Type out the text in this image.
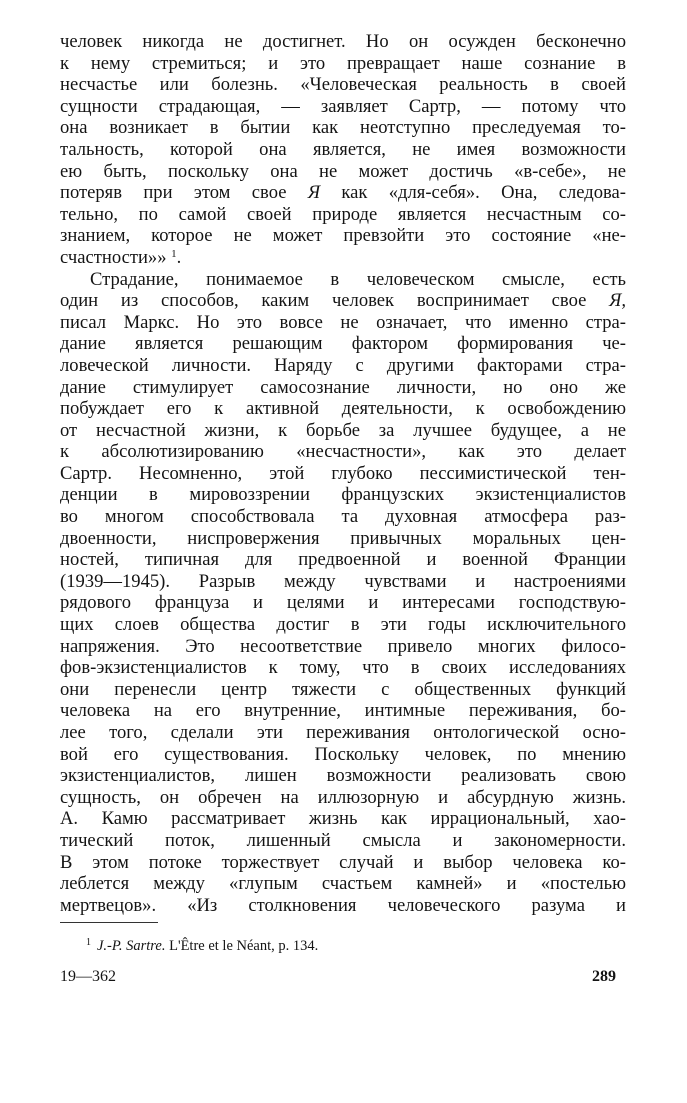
человек никогда не достигнет. Но он осужден бесконечно
к нему стремиться; и это превращает наше сознание в
несчастье или болезнь. «Человеческая реальность в своей
сущности страдающая, — заявляет Сартр, — потому что
она возникает в бытии как неотступно преследуемая то-
тальность, которой она является, не имея возможности
ею быть, поскольку она не может достичь «в-себе», не
потеряв при этом свое Я как «для-себя». Она, следова-
тельно, по самой своей природе является несчастным со-
знанием, которое не может превзойти это состояние «не-
счастности»» $^1$.
Страдание, понимаемое в человеческом смысле, есть
один из способов, каким человек воспринимает свое Я,
писал Маркс. Но это вовсе не означает, что именно стра-
дание является решающим фактором формирования че-
ловеческой личности. Наряду с другими факторами стра-
дание стимулирует самосознание личности, но оно же
побуждает его к активной деятельности, к освобождению
от несчастной жизни, к борьбе за лучшее будущее, а не
к абсолютизированию «несчастности», как это делает
Сартр. Несомненно, этой глубоко пессимистической тен-
денции в мировоззрении французских экзистенциалистов
во многом способствовала та духовная атмосфера раз-
двоенности, ниспровержения привычных моральных цен-
ностей, типичная для предвоенной и военной Франции
(1939—1945). Разрыв между чувствами и настроениями
рядового француза и целями и интересами господствую-
щих слоев общества достиг в эти годы исключительного
напряжения. Это несоответствие привело многих филосо-
фов-экзистенциалистов к тому, что в своих исследованиях
они перенесли центр тяжести с общественных функций
человека на его внутренние, интимные переживания, бо-
лее того, сделали эти переживания онтологической осно-
вой его существования. Поскольку человек, по мнению
экзистенциалистов, лишен возможности реализовать свою
сущность, он обречен на иллюзорную и абсурдную жизнь.
А. Камю рассматривает жизнь как иррациональный, хао-
тический поток, лишенный смысла и закономерности.
В этом потоке торжествует случай и выбор человека ко-
леблется между «глупым счастьем камней» и «постелью
мертвецов». «Из столкновения человеческого разума и
$^1$ J.-P. Sartre. L'Être et le Néant, p. 134.
19—362	289
